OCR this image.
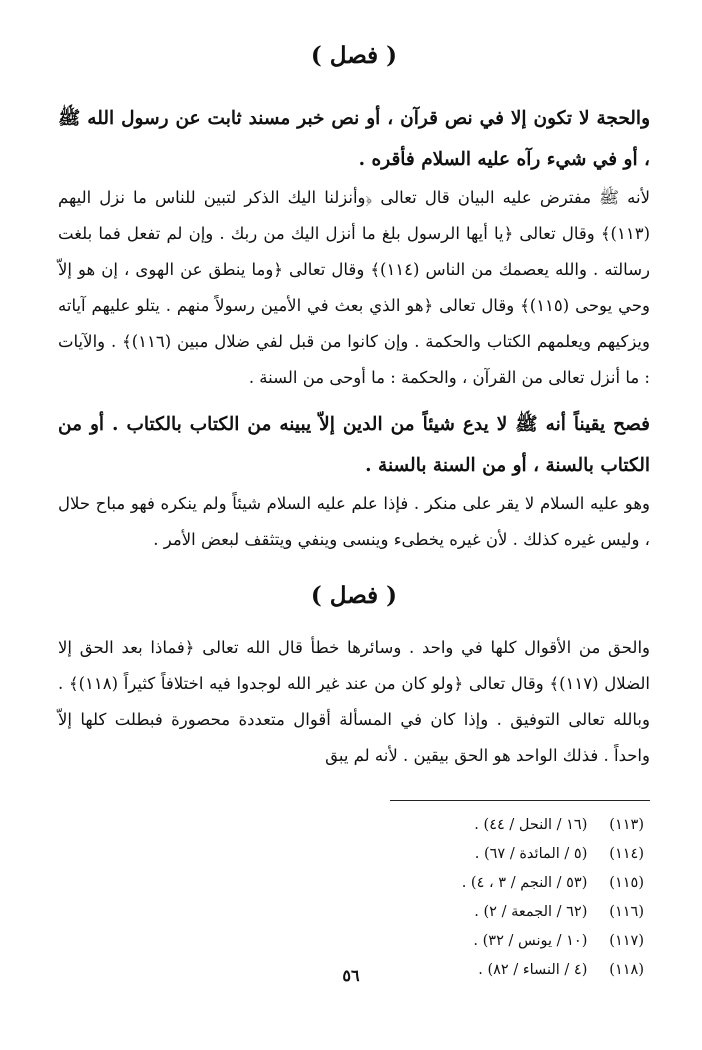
( فصل )

والحجة لا تكون إلا في نص قرآن ، أو نص خبر مسند ثابت عن رسول الله ﷺ ، أو في شيء رآه عليه السلام فأقره .

لأنه ﷺ مفترض عليه البيان قال تعالى ﴿وأنزلنا اليك الذكر لتبين للناس ما نزل اليهم (١١٣)﴾ وقال تعالى ﴿يا أيها الرسول بلغ ما أنزل اليك من ربك . وإن لم تفعل فما بلغت رسالته . والله يعصمك من الناس (١١٤)﴾ وقال تعالى ﴿وما ينطق عن الهوى ، إن هو إلاّ وحي يوحى (١١٥)﴾ وقال تعالى ﴿هو الذي بعث في الأمين رسولاً منهم . يتلو عليهم آياته ويزكيهم ويعلمهم الكتاب والحكمة . وإن كانوا من قبل لفي ضلال مبين (١١٦)﴾ . والآيات : ما أنزل تعالى من القرآن ، والحكمة : ما أوحى من السنة .

فصح يقيناً أنه ﷺ لا يدع شيئاً من الدين إلاّ يبينه من الكتاب بالكتاب . أو من الكتاب بالسنة ، أو من السنة بالسنة .

وهو عليه السلام لا يقر على منكر . فإذا علم عليه السلام شيئاً ولم ينكره فهو مباح حلال ، وليس غيره كذلك . لأن غيره يخطىء وينسى وينفي ويتثقف لبعض الأمر .

( فصل )

والحق من الأقوال كلها في واحد . وسائرها خطأ قال الله تعالى ﴿فماذا بعد الحق إلا الضلال (١١٧)﴾ وقال تعالى ﴿ولو كان من عند غير الله لوجدوا فيه اختلافاً كثيراً (١١٨)﴾ . وبالله تعالى التوفيق . وإذا كان في المسألة أقوال متعددة محصورة فبطلت كلها إلاّ واحداً . فذلك الواحد هو الحق بيقين . لأنه لم يبق

(١١٣) (١٦ / النحل / ٤٤) .
(١١٤) (٥ / المائدة / ٦٧) .
(١١٥) (٥٣ / النجم / ٣ ، ٤) .
(١١٦) (٦٢ / الجمعة / ٢) .
(١١٧) (١٠ / يونس / ٣٢) .
(١١٨) (٤ / النساء / ٨٢) .
٥٦
